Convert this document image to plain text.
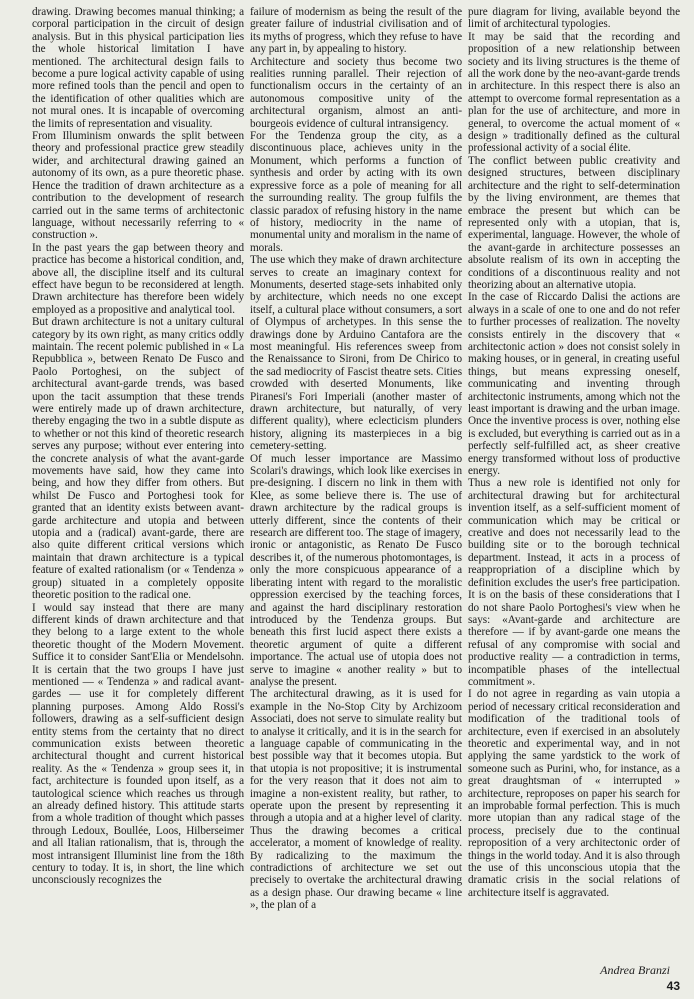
drawing. Drawing becomes manual thinking; a corporal participation in the circuit of design analysis. But in this physical participation lies the whole historical limitation I have mentioned. The architectural design fails to become a pure logical activity capable of using more refined tools than the pencil and open to the identification of other qualities which are not mural ones. It is incapable of overcoming the limits of representation and visuality.

From Illuminism onwards the split between theory and professional practice grew steadily wider, and architectural drawing gained an autonomy of its own, as a pure theoretic phase. Hence the tradition of drawn architecture as a contribution to the development of research carried out in the same terms of architectonic language, without necessarily referring to « construction ».

In the past years the gap between theory and practice has become a historical condition, and, above all, the discipline itself and its cultural effect have begun to be reconsidered at length. Drawn architecture has therefore been widely employed as a propositive and analytical tool.

But drawn architecture is not a unitary cultural category by its own right, as many critics oddly maintain. The recent polemic published in « La Repubblica », between Renato De Fusco and Paolo Portoghesi, on the subject of architectural avant-garde trends, was based upon the tacit assumption that these trends were entirely made up of drawn architecture, thereby engaging the two in a subtle dispute as to whether or not this kind of theoretic research serves any purpose; without ever entering into the concrete analysis of what the avant-garde movements have said, how they came into being, and how they differ from others. But whilst De Fusco and Portoghesi took for granted that an identity exists between avant-garde architecture and utopia and between utopia and a (radical) avant-garde, there are also quite different critical versions which maintain that drawn architecture is a typical feature of exalted rationalism (or « Tendenza » group) situated in a completely opposite theoretic position to the radical one.

I would say instead that there are many different kinds of drawn architecture and that they belong to a large extent to the whole theoretic thought of the Modern Movement. Suffice it to consider Sant'Elia or Mendelsohn. It is certain that the two groups I have just mentioned — « Tendenza » and radical avant-gardes — use it for completely different planning purposes. Among Aldo Rossi's followers, drawing as a self-sufficient design entity stems from the certainty that no direct communication exists between theoretic architectural thought and current historical reality. As the « Tendenza » group sees it, in fact, architecture is founded upon itself, as a tautological science which reaches us through an already defined history. This attitude starts from a whole tradition of thought which passes through Ledoux, Boullée, Loos, Hilberseimer and all Italian rationalism, that is, through the most intransigent Illuminist line from the 18th century to today. It is, in short, the line which unconsciously recognizes the

failure of modernism as being the result of the greater failure of industrial civilisation and of its myths of progress, which they refuse to have any part in, by appealing to history.

Architecture and society thus become two realities running parallel. Their rejection of functionalism occurs in the certainty of an autonomous compositive unity of the architectural organism, almost an anti-bourgeois evidence of cultural intransigency.

For the Tendenza group the city, as a discontinuous place, achieves unity in the Monument, which performs a function of synthesis and order by acting with its own expressive force as a pole of meaning for all the surrounding reality. The group fulfils the classic paradox of refusing history in the name of history, mediocrity in the name of monumental unity and moralism in the name of morals.

The use which they make of drawn architecture serves to create an imaginary context for Monuments, deserted stage-sets inhabited only by architecture, which needs no one except itself, a cultural place without consumers, a sort of Olympus of archetypes. In this sense the drawings done by Arduino Cantafora are the most meaningful. His references sweep from the Renaissance to Sironi, from De Chirico to the sad mediocrity of Fascist theatre sets. Cities crowded with deserted Monuments, like Piranesi's Fori Imperiali (another master of drawn architecture, but naturally, of very different quality), where eclecticism plunders history, aligning its masterpieces in a big cemetery-setting.

Of much lesser importance are Massimo Scolari's drawings, which look like exercises in pre-designing. I discern no link in them with Klee, as some believe there is. The use of drawn architecture by the radical groups is utterly different, since the contents of their research are different too. The stage of imagery, ironic or antagonistic, as Renato De Fusco describes it, of the numerous photomontages, is only the more conspicuous appearance of a liberating intent with regard to the moralistic oppression exercised by the teaching forces, and against the hard disciplinary restoration introduced by the Tendenza groups. But beneath this first lucid aspect there exists a theoretic argument of quite a different importance. The actual use of utopia does not serve to imagine « another reality » but to analyse the present.

The architectural drawing, as it is used for example in the No-Stop City by Archizoom Associati, does not serve to simulate reality but to analyse it critically, and it is in the search for a language capable of communicating in the best possible way that it becomes utopia. But that utopia is not propositive; it is instrumental for the very reason that it does not aim to imagine a non-existent reality, but rather, to operate upon the present by representing it through a utopia and at a higher level of clarity. Thus the drawing becomes a critical accelerator, a moment of knowledge of reality. By radicalizing to the maximum the contradictions of architecture we set out precisely to overtake the architectural drawing as a design phase. Our drawing became « line », the plan of a

pure diagram for living, available beyond the limit of architectural typologies.

It may be said that the recording and proposition of a new relationship between society and its living structures is the theme of all the work done by the neo-avant-garde trends in architecture. In this respect there is also an attempt to overcome formal representation as a plan for the use of architecture, and more in general, to overcome the actual moment of « design » traditionally defined as the cultural professional activity of a social élite.

The conflict between public creativity and designed structures, between disciplinary architecture and the right to self-determination by the living environment, are themes that embrace the present but which can be represented only with a utopian, that is, experimental, language. However, the whole of the avant-garde in architecture possesses an absolute realism of its own in accepting the conditions of a discontinuous reality and not theorizing about an alternative utopia.

In the case of Riccardo Dalisi the actions are always in a scale of one to one and do not refer to further processes of realization. The novelty consists entirely in the discovery that « architectonic action » does not consist solely in making houses, or in general, in creating useful things, but means expressing oneself, communicating and inventing through architectonic instruments, among which not the least important is drawing and the urban image. Once the inventive process is over, nothing else is excluded, but everything is carried out as in a perfectly self-fulfilled act, as sheer creative energy transformed without loss of productive energy.

Thus a new role is identified not only for architectural drawing but for architectural invention itself, as a self-sufficient moment of communication which may be critical or creative and does not necessarily lead to the building site or to the borough technical department. Instead, it acts in a process of reappropriation of a discipline which by definition excludes the user's free participation. It is on the basis of these considerations that I do not share Paolo Portoghesi's view when he says: «Avant-garde and architecture are therefore — if by avant-garde one means the refusal of any compromise with social and productive reality — a contradiction in terms, incompatible phases of the intellectual commitment ».

I do not agree in regarding as vain utopia a period of necessary critical reconsideration and modification of the traditional tools of architecture, even if exercised in an absolutely theoretic and experimental way, and in not applying the same yardstick to the work of someone such as Purini, who, for instance, as a great draughtsman of « interrupted » architecture, reproposes on paper his search for an improbable formal perfection. This is much more utopian than any radical stage of the process, precisely due to the continual reproposition of a very architectonic order of things in the world today. And it is also through the use of this unconscious utopia that the dramatic crisis in the social relations of architecture itself is aggravated.

Andrea Branzi
43
